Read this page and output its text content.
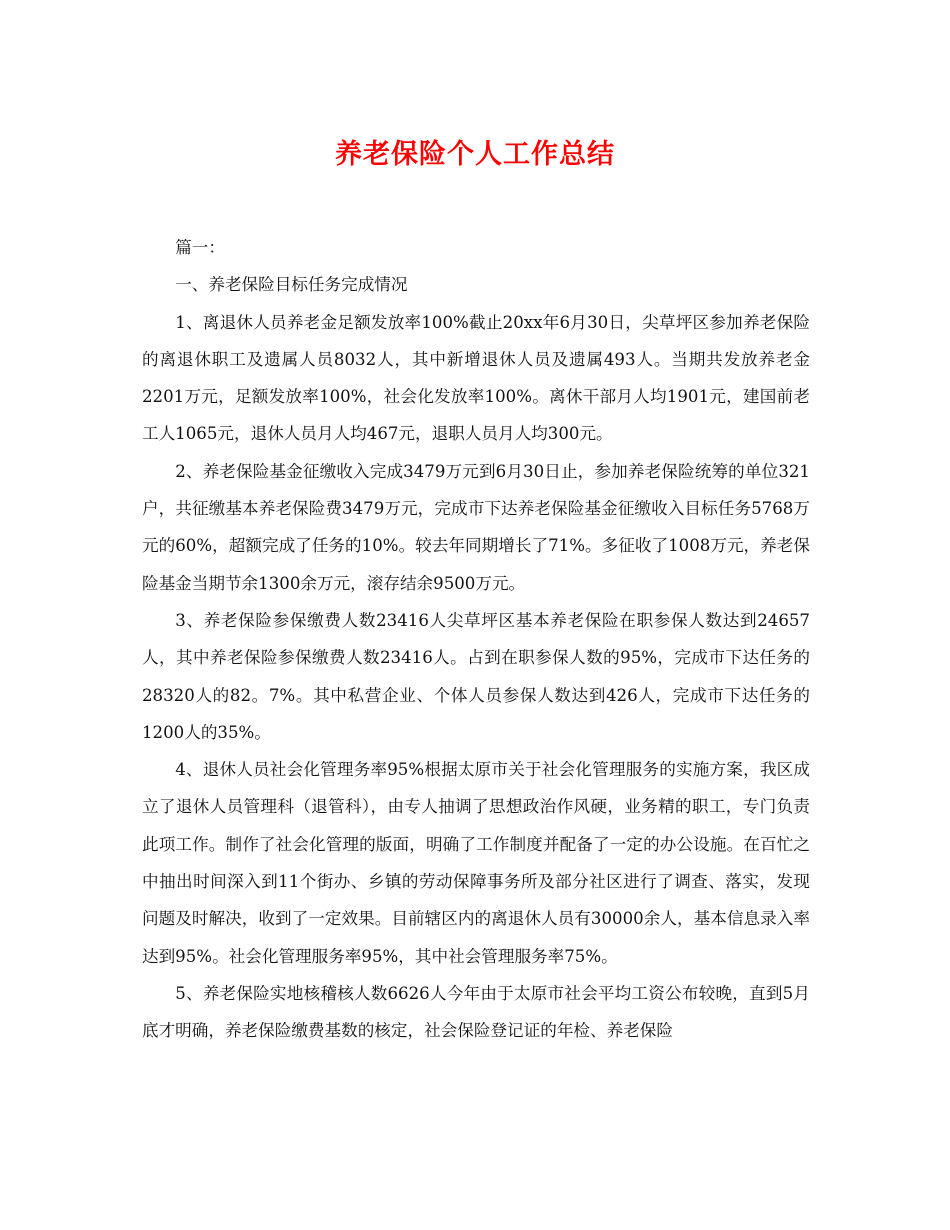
养老保险个人工作总结

篇一：

一、养老保险目标任务完成情况

1、离退休人员养老金足额发放率100%截止20xx年6月30日，尖草坪区参加养老保险的离退休职工及遗属人员8032人，其中新增退休人员及遗属493人。当期共发放养老金2201万元，足额发放率100%，社会化发放率100%。离休干部月人均1901元，建国前老工人1065元，退休人员月人均467元，退职人员月人均300元。

2、养老保险基金征缴收入完成3479万元到6月30日止，参加养老保险统筹的单位321户，共征缴基本养老保险费3479万元，完成市下达养老保险基金征缴收入目标任务5768万元的60%，超额完成了任务的10%。较去年同期增长了71%。多征收了1008万元，养老保险基金当期节余1300余万元，滚存结余9500万元。

3、养老保险参保缴费人数23416人尖草坪区基本养老保险在职参保人数达到24657人，其中养老保险参保缴费人数23416人。占到在职参保人数的95%，完成市下达任务的28320人的82。7%。其中私营企业、个体人员参保人数达到426人，完成市下达任务的1200人的35%。

4、退休人员社会化管理务率95%根据太原市关于社会化管理服务的实施方案，我区成立了退休人员管理科（退管科），由专人抽调了思想政治作风硬，业务精的职工，专门负责此项工作。制作了社会化管理的版面，明确了工作制度并配备了一定的办公设施。在百忙之中抽出时间深入到11个街办、乡镇的劳动保障事务所及部分社区进行了调查、落实，发现问题及时解决，收到了一定效果。目前辖区内的离退休人员有30000余人，基本信息录入率达到95%。社会化管理服务率95%，其中社会管理服务率75%。

5、养老保险实地核稽核人数6626人今年由于太原市社会平均工资公布较晚，直到5月底才明确，养老保险缴费基数的核定，社会保险登记证的年检、养老保险
